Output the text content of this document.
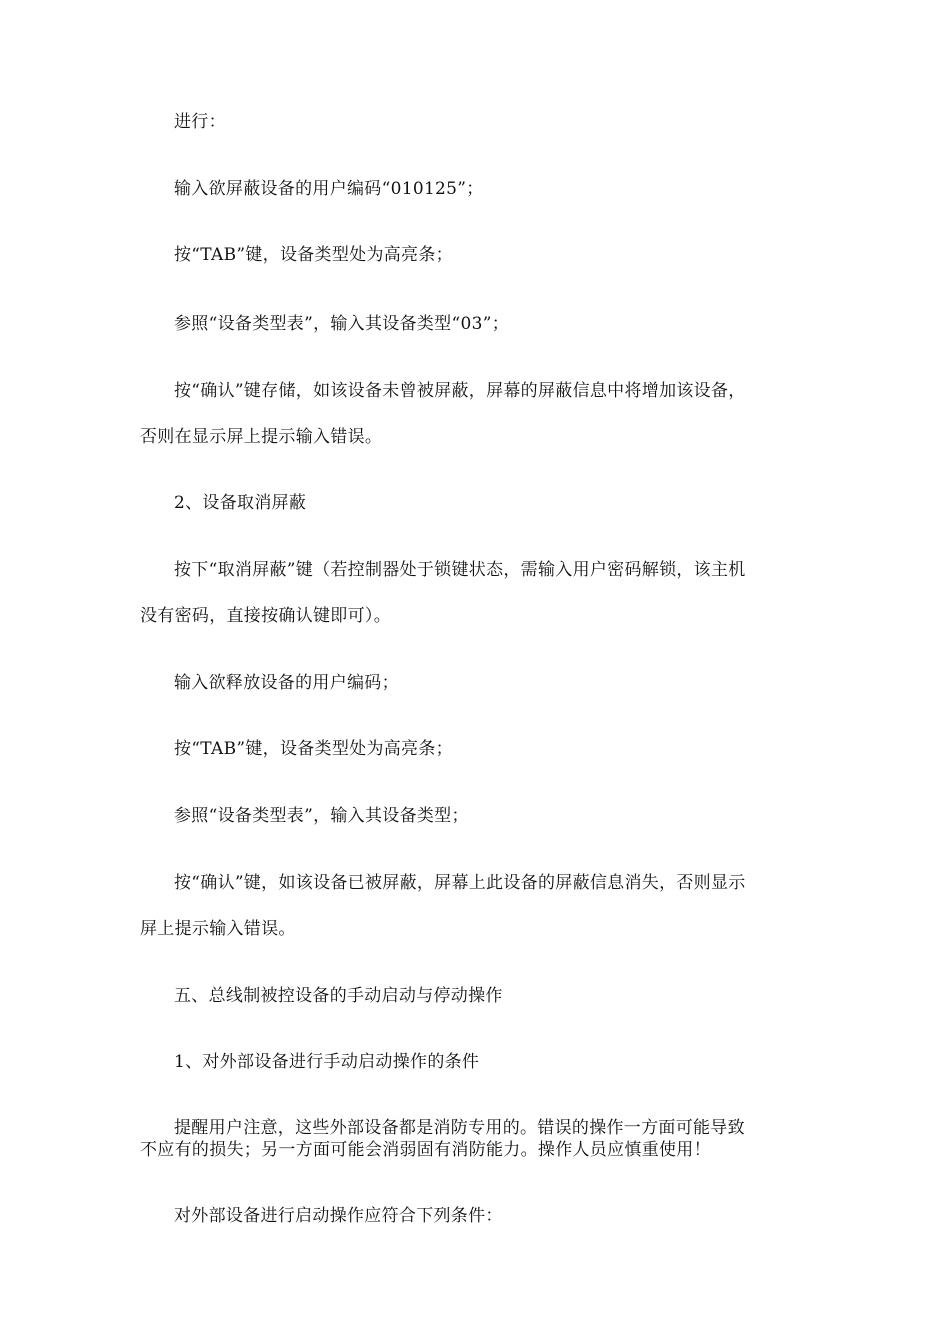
进行：
输入欲屏蔽设备的用户编码“010125”；
按“TAB”键，设备类型处为高亮条；
参照“设备类型表”，输入其设备类型“03”；
按“确认”键存储，如该设备未曾被屏蔽，屏幕的屏蔽信息中将增加该设备，
否则在显示屏上提示输入错误。
2、设备取消屏蔽
按下“取消屏蔽”键（若控制器处于锁键状态，需输入用户密码解锁，该主机
没有密码，直接按确认键即可）。
输入欲释放设备的用户编码；
按“TAB”键，设备类型处为高亮条；
参照“设备类型表”，输入其设备类型；
按“确认”键，如该设备已被屏蔽，屏幕上此设备的屏蔽信息消失，否则显示
屏上提示输入错误。
五、总线制被控设备的手动启动与停动操作
1、对外部设备进行手动启动操作的条件
提醒用户注意，这些外部设备都是消防专用的。错误的操作一方面可能导致
不应有的损失；另一方面可能会消弱固有消防能力。操作人员应慎重使用！
对外部设备进行启动操作应符合下列条件：
